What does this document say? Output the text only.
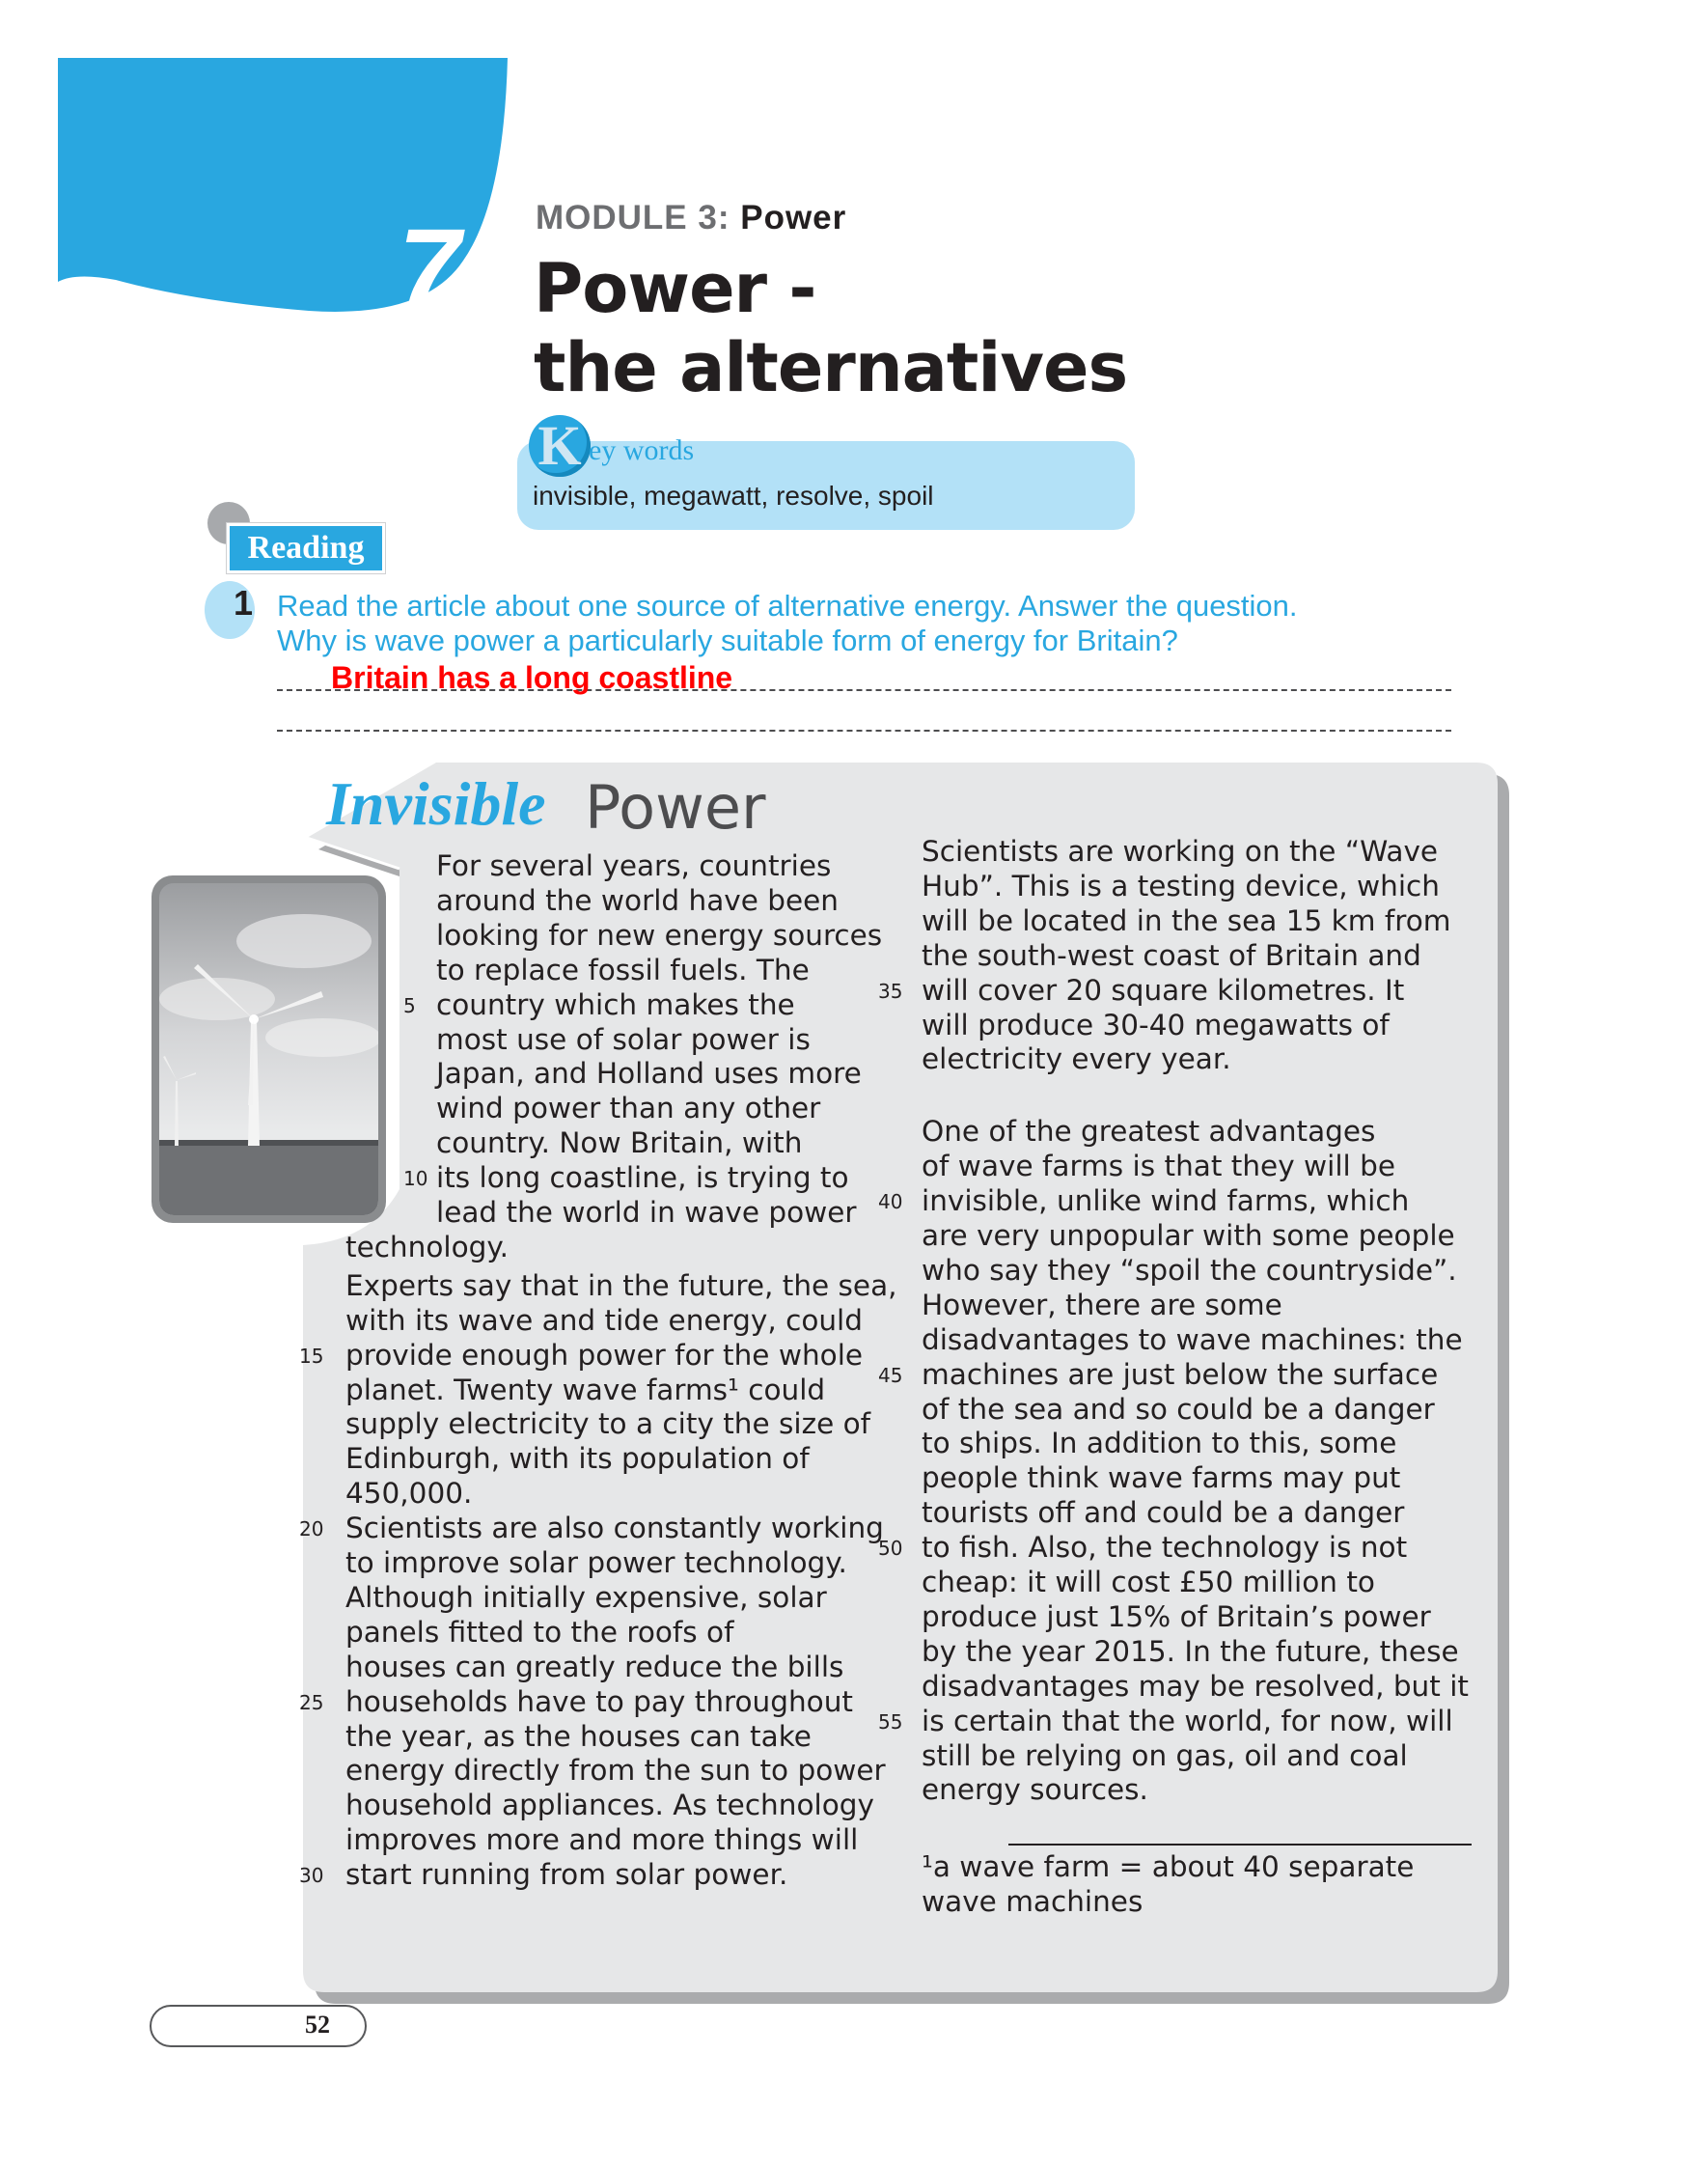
7	MODULE 3: Power
Power -
the alternatives
K ey words
invisible, megawatt, resolve, spoil
Reading
1 Read the article about one source of alternative energy. Answer the question.
Why is wave power a particularly suitable form of energy for Britain?
Britain has a long coastline
Invisible Power
For several years, countries
around the world have been
looking for new energy sources
to replace fossil fuels. The
country which makes the
5
most use of solar power is
Japan, and Holland uses more
wind power than any other
country. Now Britain, with
its long coastline, is trying to
10
lead the world in wave power
technology.
Experts say that in the future, the sea,
with its wave and tide energy, could
provide enough power for the whole
15
planet. Twenty wave farms¹ could
supply electricity to a city the size of
Edinburgh, with its population of
450,000.
Scientists are also constantly working
20
to improve solar power technology.
Although initially expensive, solar
panels fitted to the roofs of
houses can greatly reduce the bills
households have to pay throughout
25
the year, as the houses can take
energy directly from the sun to power
household appliances. As technology
improves more and more things will
start running from solar power.
30
Scientists are working on the “Wave
Hub”. This is a testing device, which
will be located in the sea 15 km from
the south-west coast of Britain and
will cover 20 square kilometres. It
35
will produce 30-40 megawatts of
electricity every year.
One of the greatest advantages
of wave farms is that they will be
invisible, unlike wind farms, which
40
are very unpopular with some people
who say they “spoil the countryside”.
However, there are some
disadvantages to wave machines: the
machines are just below the surface
45
of the sea and so could be a danger
to ships. In addition to this, some
people think wave farms may put
tourists off and could be a danger
to fish. Also, the technology is not
50
cheap: it will cost £50 million to
produce just 15% of Britain’s power
by the year 2015. In the future, these
disadvantages may be resolved, but it
is certain that the world, for now, will
55
still be relying on gas, oil and coal
energy sources.
¹a wave farm = about 40 separate
wave machines
52
